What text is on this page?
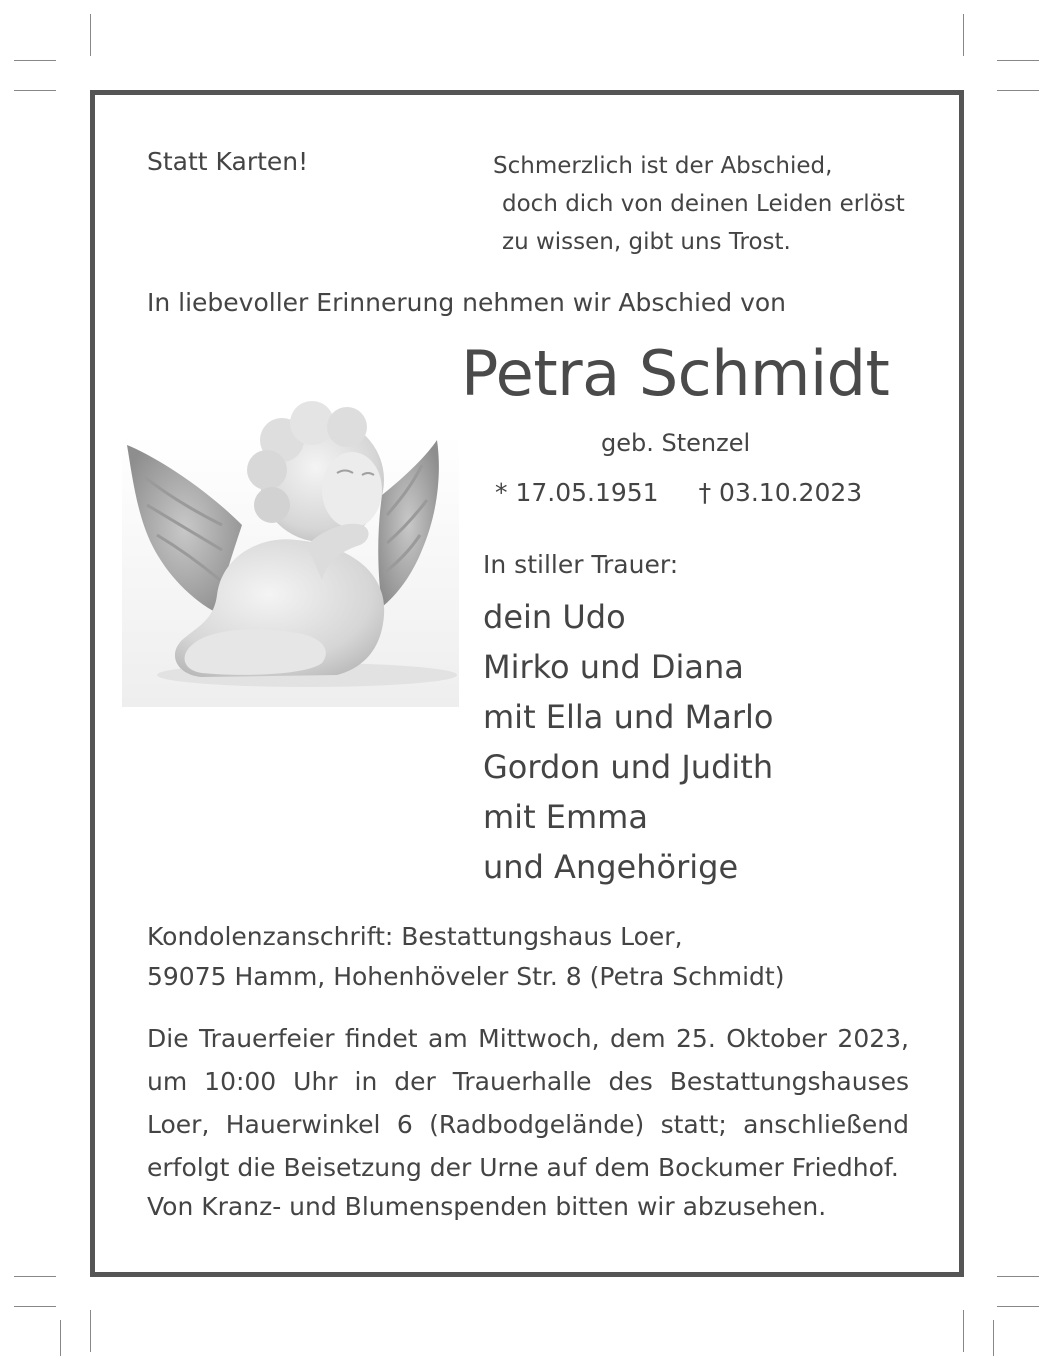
Statt Karten!	Schmerzlich ist der Abschied,
doch dich von deinen Leiden erlöst
zu wissen, gibt uns Trost.
In liebevoller Erinnerung nehmen wir Abschied von
Petra Schmidt
geb. Stenzel
* 17.05.1951 † 03.10.2023
In stiller Trauer:
dein Udo
Mirko und Diana
mit Ella und Marlo
Gordon und Judith
mit Emma
und Angehörige
Kondolenzanschrift: Bestattungshaus Loer,
59075 Hamm, Hohenhöveler Str. 8 (Petra Schmidt)

Die Trauerfeier findet am Mittwoch, dem 25. Oktober 2023, um 10:00 Uhr in der Trauerhalle des Bestattungshauses Loer, Hauerwinkel 6 (Radbodgelände) statt; anschließend erfolgt die Beisetzung der Urne auf dem Bockumer Friedhof.

Von Kranz- und Blumenspenden bitten wir abzusehen.
